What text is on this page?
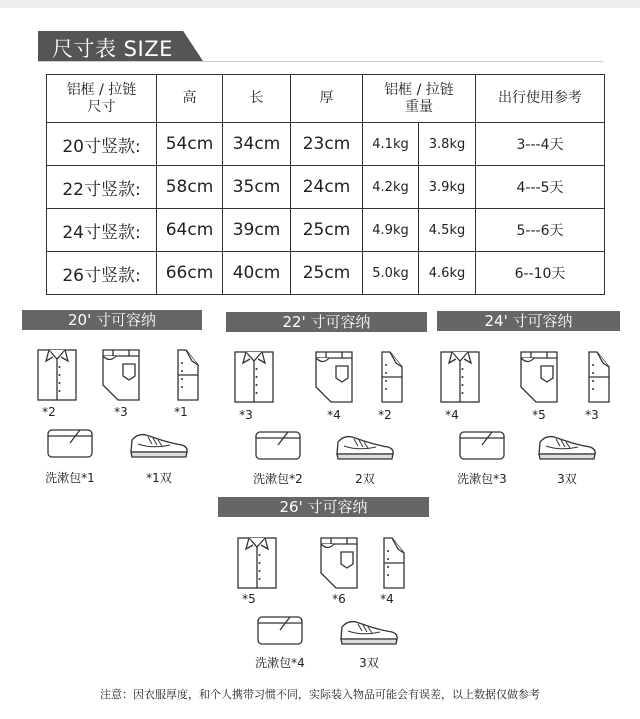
尺寸表 SIZE
铝框 / 拉链
尺寸	高	长	厚	铝框 / 拉链
重量		出行使用参考
20寸竖款:	54cm	34cm	23cm	4.1kg	3.8kg	3---4天
22寸竖款:	58cm	35cm	24cm	4.2kg	3.9kg	4---5天
24寸竖款:	64cm	39cm	25cm	4.9kg	4.5kg	5---6天
26寸竖款:	66cm	40cm	25cm	5.0kg	4.6kg	6--10天
20' 寸可容纳
*2	*3	*1
洗漱包*1	*1双
22' 寸可容纳
*3	*4	*2
洗漱包*2	2双
24' 寸可容纳
*4	*5	*3
洗漱包*3	3双
26' 寸可容纳
*5	*6	*4
洗漱包*4	3双
注意：因衣服厚度，和个人携带习惯不同，实际装入物品可能会有误差，以上数据仅做参考
